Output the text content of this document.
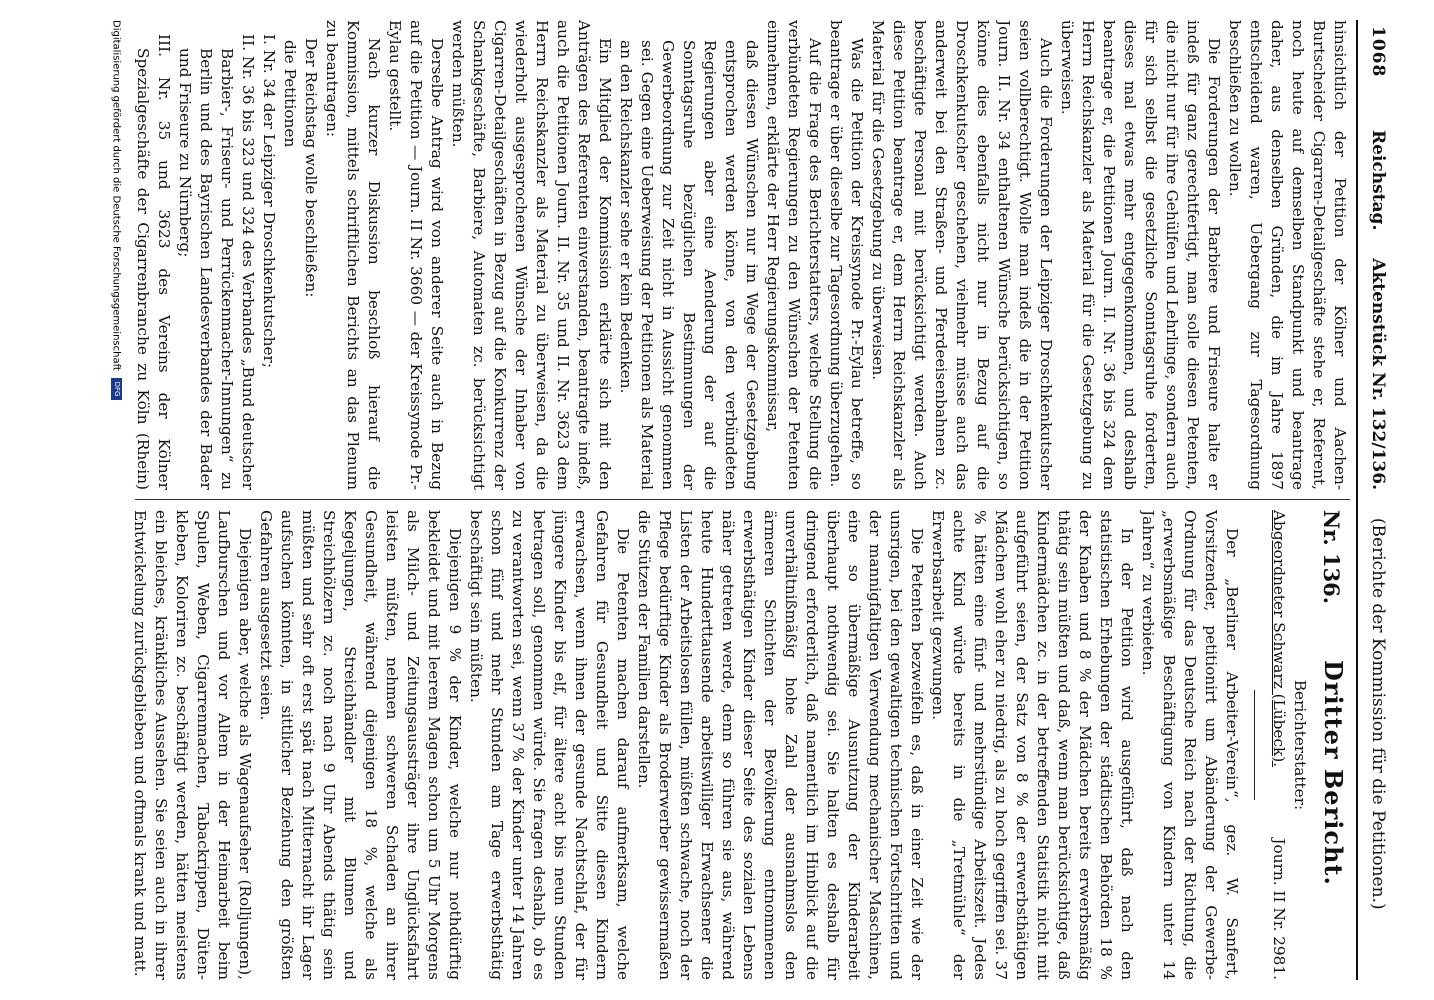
1068
Reichstag. Aktenstück Nr. 132/136. (Berichte der Kommission für die Petitionen.)

hinsichtlich der Petition der Kölner und Aachen-Burtscheider Cigarren-Detailgeschäfte stehe er, Referent, noch heute auf demselben Standpunkt und beantrage daher, aus denselben Gründen, die im Jahre 1897 entscheidend waren, Uebergang zur Tagesordnung beschließen zu wollen.

Die Forderungen der Barbiere und Friseure halte er indeß für ganz gerechtfertigt, man solle diesen Petenten, die nicht nur für ihre Gehülfen und Lehrlinge, sondern auch für sich selbst die gesetzliche Sonntagsruhe forderten, dieses mal etwas mehr entgegenkommen, und deshalb beantrage er, die Petitionen Journ. II. Nr. 36 bis 324 dem Herrn Reichskanzler als Material für die Gesetzgebung zu überweisen.

Auch die Forderungen der Leipziger Droschkenkutscher seien vollberechtigt. Wolle man indeß die in der Petition Journ. II. Nr. 34 enthaltenen Wünsche berücksichtigen, so könne dies ebenfalls nicht nur in Bezug auf die Droschkenkutscher geschehen, vielmehr müsse auch das anderweit bei den Straßen- und Pferdeeisenbahnen zc. beschäftigte Personal mit berücksichtigt werden. Auch diese Petition beantrage er, dem Herrn Reichskanzler als Material für die Gesetzgebung zu überweisen.

Was die Petition der Kreissynode Pr.-Eylau betreffe, so beantrage er über dieselbe zur Tagesordnung überzugehen.

Auf die Frage des Berichterstatters, welche Stellung die verbündeten Regierungen zu den Wünschen der Petenten einnehmen, erklärte der Herr Regierungskommissar,

daß diesen Wünschen nur im Wege der Gesetzgebung entsprochen werden könne, von den verbündeten Regierungen aber eine Aenderung der auf die Sonntagsruhe bezüglichen Bestimmungen der Gewerbeordnung zur Zeit nicht in Aussicht genommen sei. Gegen eine Ueberweisung der Petitionen als Material an den Reichskanzler sehe er kein Bedenken.

Ein Mitglied der Kommission erklärte sich mit den Anträgen des Referenten einverstanden, beantragte indeß, auch die Petitionen Journ. II. Nr. 35 und II. Nr. 3623 dem Herrn Reichskanzler als Material zu überweisen, da die wiederholt ausgesprochenen Wünsche der Inhaber von Cigarren-Detailgeschäften in Bezug auf die Konkurrenz der Schankgeschäfte, Barbiere, Automaten zc. berücksichtigt werden müßten.

Derselbe Antrag wird von anderer Seite auch in Bezug auf die Petition — Journ. II Nr. 3660 — der Kreissynode Pr.-Eylau gestellt.

Nach kurzer Diskussion beschloß hierauf die Kommission, mittels schriftlichen Berichts an das Plenum zu beantragen:

Der Reichstag wolle beschließen:

die Petitionen

I. Nr. 34 der Leipziger Droschkenkutscher;

II. Nr. 36 bis 323 und 324 des Verbandes „Bund deutscher Barbier-, Friseur- und Perrückenmacher-Innungen“ zu Berlin und des Bayrischen Landesverbandes der Bader und Friseure zu Nürnberg;

III. Nr. 35 und 3623 des Vereins der Kölner Spezialgeschäfte der Cigarrenbranche zu Köln (Rhein)

Nr. 136.
Dritter Bericht.

Berichterstatter:

Abgeordneter Schwarz (Lübeck).
Journ. II Nr. 2981.

Der „Berliner Arbeiter-Verein“, gez. W. Sanfert, Vorsitzender, petitionirt um Abänderung der Gewerbe-Ordnung für das Deutsche Reich nach der Richtung, die „erwerbsmäßige Beschäftigung von Kindern unter 14 Jahren“ zu verbieten.

In der Petition wird ausgeführt, daß nach den statistischen Erhebungen der städtischen Behörden 18 % der Knaben und 8 % der Mädchen bereits erwerbsmäßig thätig sein müßten und daß, wenn man berücksichtige, daß Kindermädchen zc. in der betreffenden Statistik nicht mit aufgeführt seien, der Satz von 8 % der erwerbsthätigen Mädchen wohl eher zu niedrig, als zu hoch gegriffen sei. 37 % hätten eine fünf- und mehrstündige Arbeitszeit. Jedes achte Kind würde bereits in die „Tretmühle“ der Erwerbsarbeit gezwungen.

Die Petenten bezweifeln es, daß in einer Zeit wie der unsrigen, bei den gewaltigen technischen Fortschritten und der mannigfaltigen Verwendung mechanischer Maschinen, eine so übermäßige Ausnutzung der Kinderarbeit überhaupt nothwendig sei. Sie halten es deshalb für dringend erforderlich, daß namentlich im Hinblick auf die unverhältnißmäßig hohe Zahl der ausnahmslos den ärmeren Schichten der Bevölkerung entnommenen erwerbsthätigen Kinder dieser Seite des sozialen Lebens näher getreten werde, denn so führen sie aus, während heute Hunderttausende arbeitswilliger Erwachsener die Listen der Arbeitslosen füllen, müßten schwache, noch der Pflege bedürftige Kinder als Broderwerber gewissermaßen die Stützen der Familien darstellen.

Die Petenten machen darauf aufmerksam, welche Gefahren für Gesundheit und Sitte diesen Kindern erwachsen, wenn ihnen der gesunde Nachtschlaf, der für jüngere Kinder bis elf, für ältere acht bis neun Stunden betragen soll, genommen würde. Sie fragen deshalb, ob es zu verantworten sei, wenn 37 % der Kinder unter 14 Jahren schon fünf und mehr Stunden am Tage erwerbsthätig beschäftigt sein müßten.

Diejenigen 9 % der Kinder, welche nur nothdürftig bekleidet und mit leerem Magen schon um 5 Uhr Morgens als Milch- und Zeitungsaussträger ihre Unglücksfahrt leisten müßten, nehmen schweren Schaden an ihrer Gesundheit, während diejenigen 18 %, welche als Kegeljungen, Streichhändler mit Blumen und Streichhölzern zc. noch nach 9 Uhr Abends thätig sein müßten und sehr oft erst spät nach Mitternacht ihr Lager aufsuchen könnten, in sittlicher Beziehung den größten Gefahren ausgesetzt seien.

Diejenigen aber, welche als Wagenaufseher (Rolljungen), Laufburschen und vor Allem in der Heimarbeit beim Spulen, Weben, Cigarrenmachen, Tabackrippen, Düten-kleben, Koloriren zc. beschäftigt werden, hätten meistens ein bleiches, kränkliches Aussehen. Sie seien auch in ihrer Entwickelung zurückgeblieben und oftmals krank und matt.

Digitalisierung gefördert durch die Deutsche Forschungsgemeinschaft DFG
